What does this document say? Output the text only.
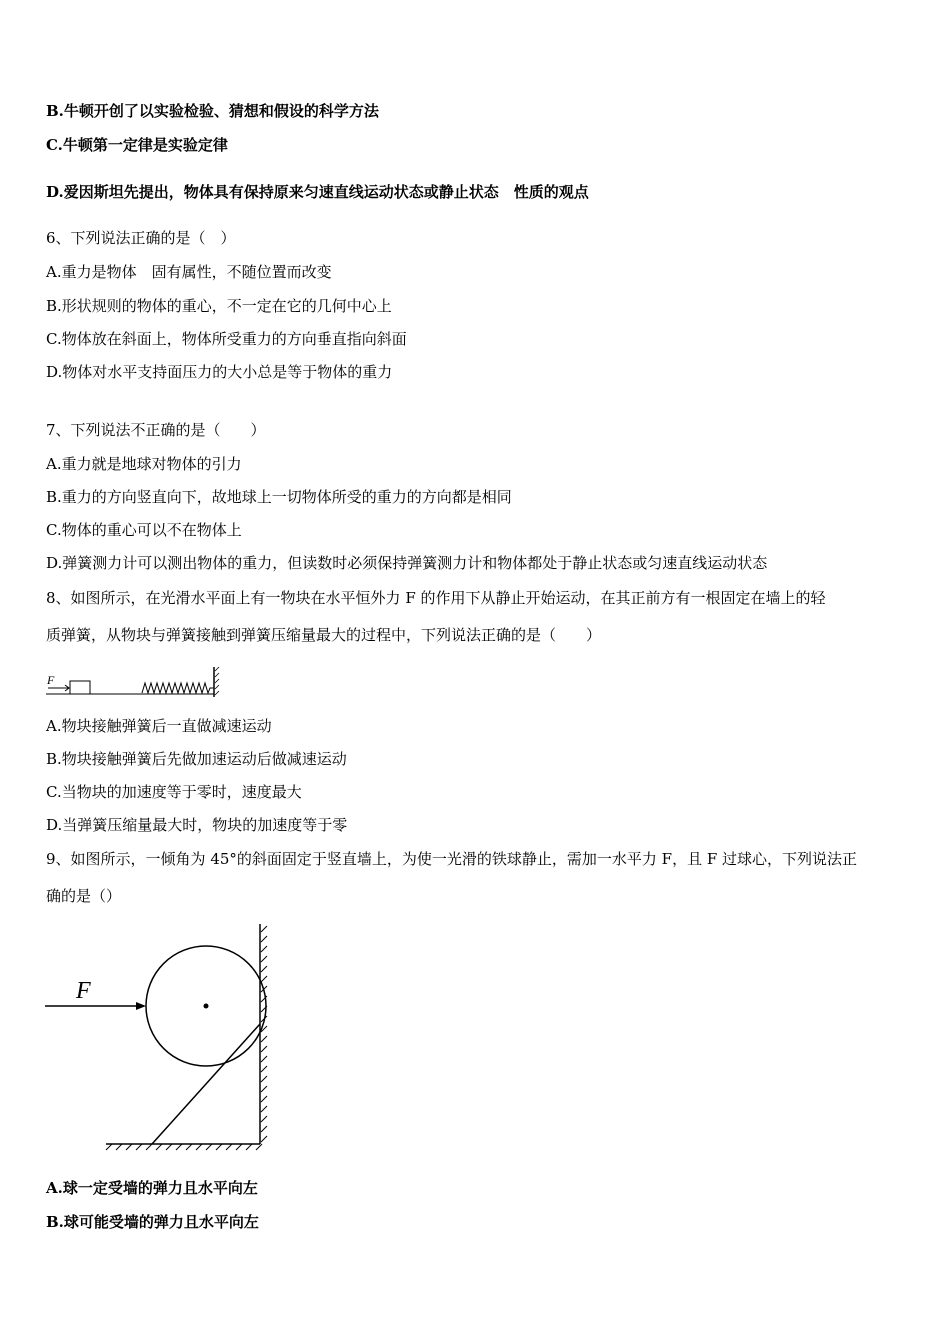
B.牛顿开创了以实验检验、猜想和假设的科学方法
C.牛顿第一定律是实验定律
D.爱因斯坦先提出，物体具有保持原来匀速直线运动状态或静止状态　性质的观点
6、下列说法正确的是（　）
A.重力是物体　固有属性，不随位置而改变
B.形状规则的物体的重心，不一定在它的几何中心上
C.物体放在斜面上，物体所受重力的方向垂直指向斜面
D.物体对水平支持面压力的大小总是等于物体的重力
7、下列说法不正确的是（　　）
A.重力就是地球对物体的引力
B.重力的方向竖直向下，故地球上一切物体所受的重力的方向都是相同
C.物体的重心可以不在物体上
D.弹簧测力计可以测出物体的重力，但读数时必须保持弹簧测力计和物体都处于静止状态或匀速直线运动状态
8、如图所示，在光滑水平面上有一物块在水平恒外力 F 的作用下从静止开始运动，在其正前方有一根固定在墙上的轻
质弹簧，从物块与弹簧接触到弹簧压缩量最大的过程中，下列说法正确的是（　　）
F
A.物块接触弹簧后一直做减速运动
B.物块接触弹簧后先做加速运动后做减速运动
C.当物块的加速度等于零时，速度最大
D.当弹簧压缩量最大时，物块的加速度等于零
9、如图所示，一倾角为 45°的斜面固定于竖直墙上，为使一光滑的铁球静止，需加一水平力 F，且 F 过球心，下列说法正
确的是（）
F
A.球一定受墙的弹力且水平向左
B.球可能受墙的弹力且水平向左
